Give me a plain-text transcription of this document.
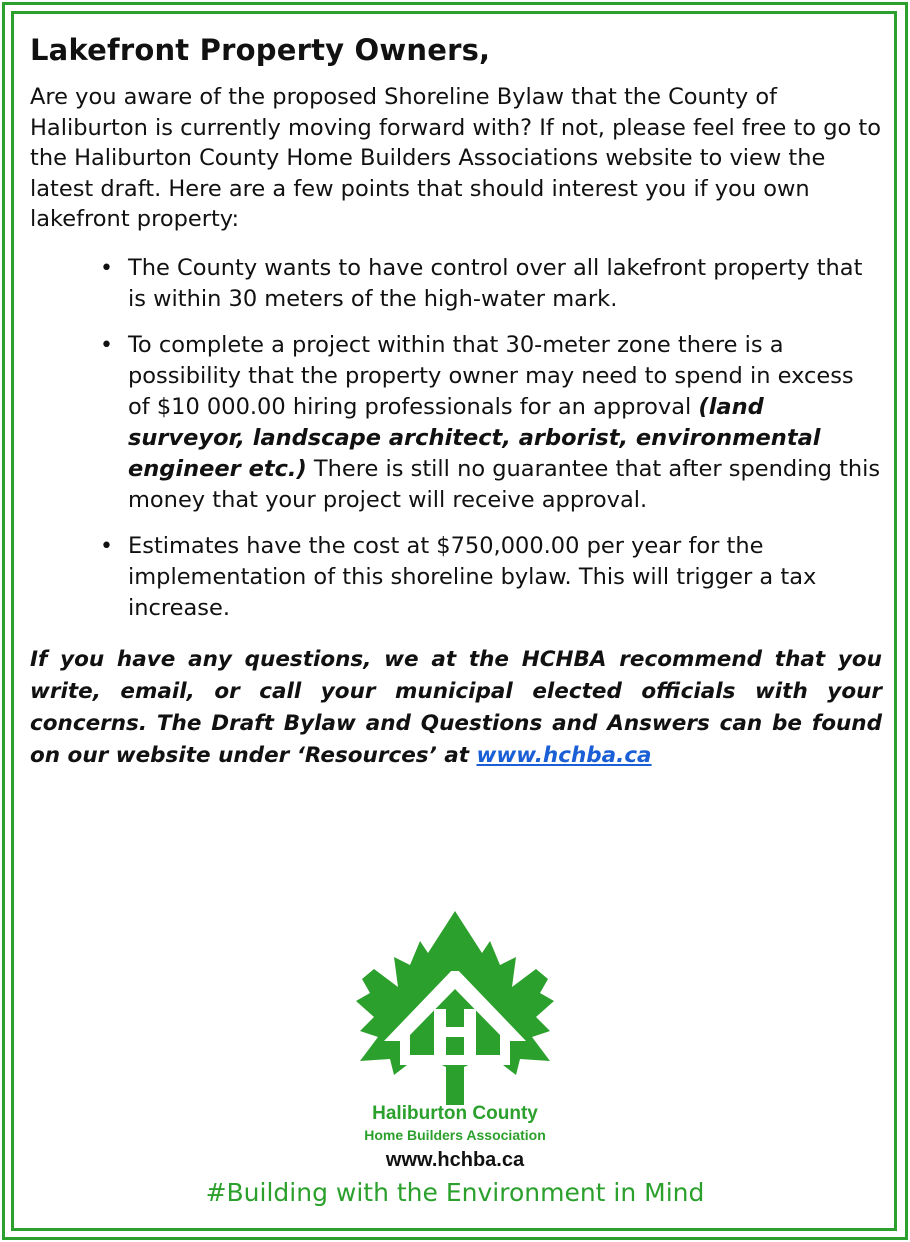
Lakefront Property Owners,

Are you aware of the proposed Shoreline Bylaw that the County of Haliburton is currently moving forward with? If not, please feel free to go to the Haliburton County Home Builders Associations website to view the latest draft. Here are a few points that should interest you if you own lakefront property:

• The County wants to have control over all lakefront property that is within 30 meters of the high-water mark.
• To complete a project within that 30-meter zone there is a possibility that the property owner may need to spend in excess of $10 000.00 hiring professionals for an approval (land surveyor, landscape architect, arborist, environmental engineer etc.) There is still no guarantee that after spending this money that your project will receive approval.
• Estimates have the cost at $750,000.00 per year for the implementation of this shoreline bylaw. This will trigger a tax increase.

If you have any questions, we at the HCHBA recommend that you write, email, or call your municipal elected officials with your concerns. The Draft Bylaw and Questions and Answers can be found on our website under ‘Resources’ at www.hchba.ca

Haliburton County
Home Builders Association
www.hchba.ca
#Building with the Environment in Mind
